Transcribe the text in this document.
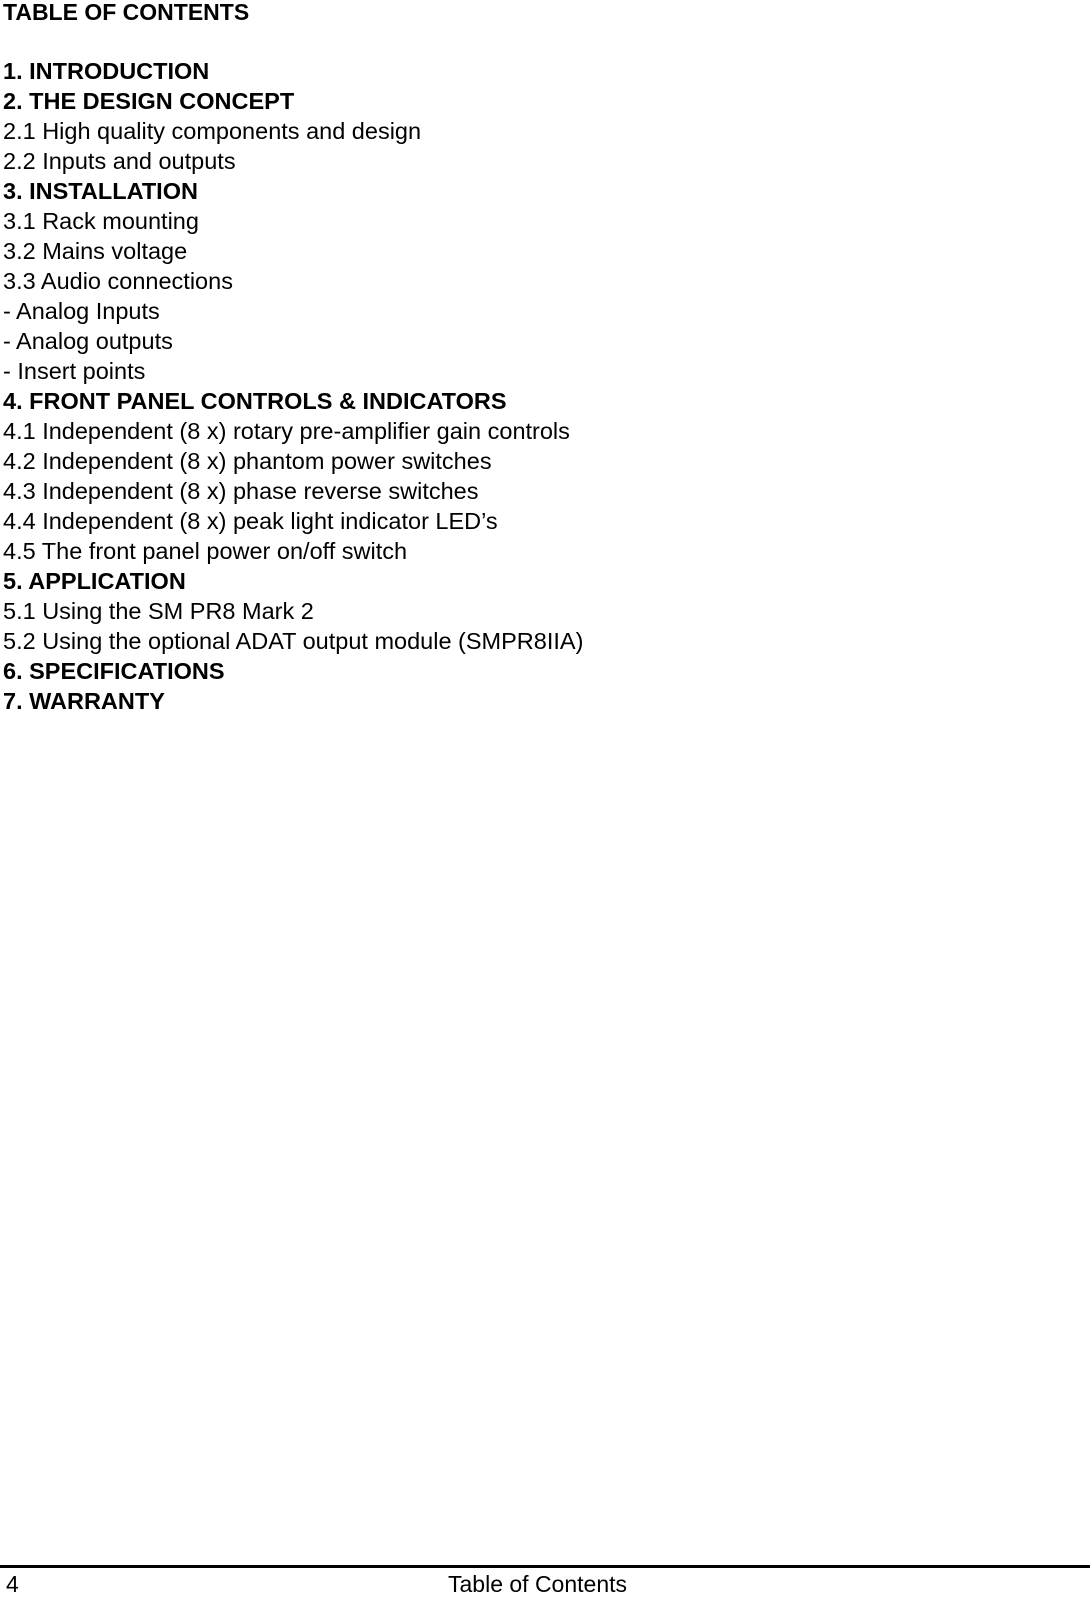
TABLE OF CONTENTS
1. INTRODUCTION
2. THE DESIGN CONCEPT
2.1 High quality components and design
2.2 Inputs and outputs
3. INSTALLATION
3.1 Rack mounting
3.2 Mains voltage
3.3 Audio connections
- Analog Inputs
- Analog outputs
- Insert points
4. FRONT PANEL CONTROLS & INDICATORS
4.1 Independent (8 x) rotary pre-amplifier gain controls
4.2 Independent (8 x) phantom power switches
4.3 Independent (8 x) phase reverse switches
4.4 Independent (8 x) peak light indicator LED’s
4.5 The front panel power on/off switch
5. APPLICATION
5.1 Using the SM PR8 Mark 2
5.2 Using the optional ADAT output module (SMPR8IIA)
6. SPECIFICATIONS
7. WARRANTY
4	Table of Contents
